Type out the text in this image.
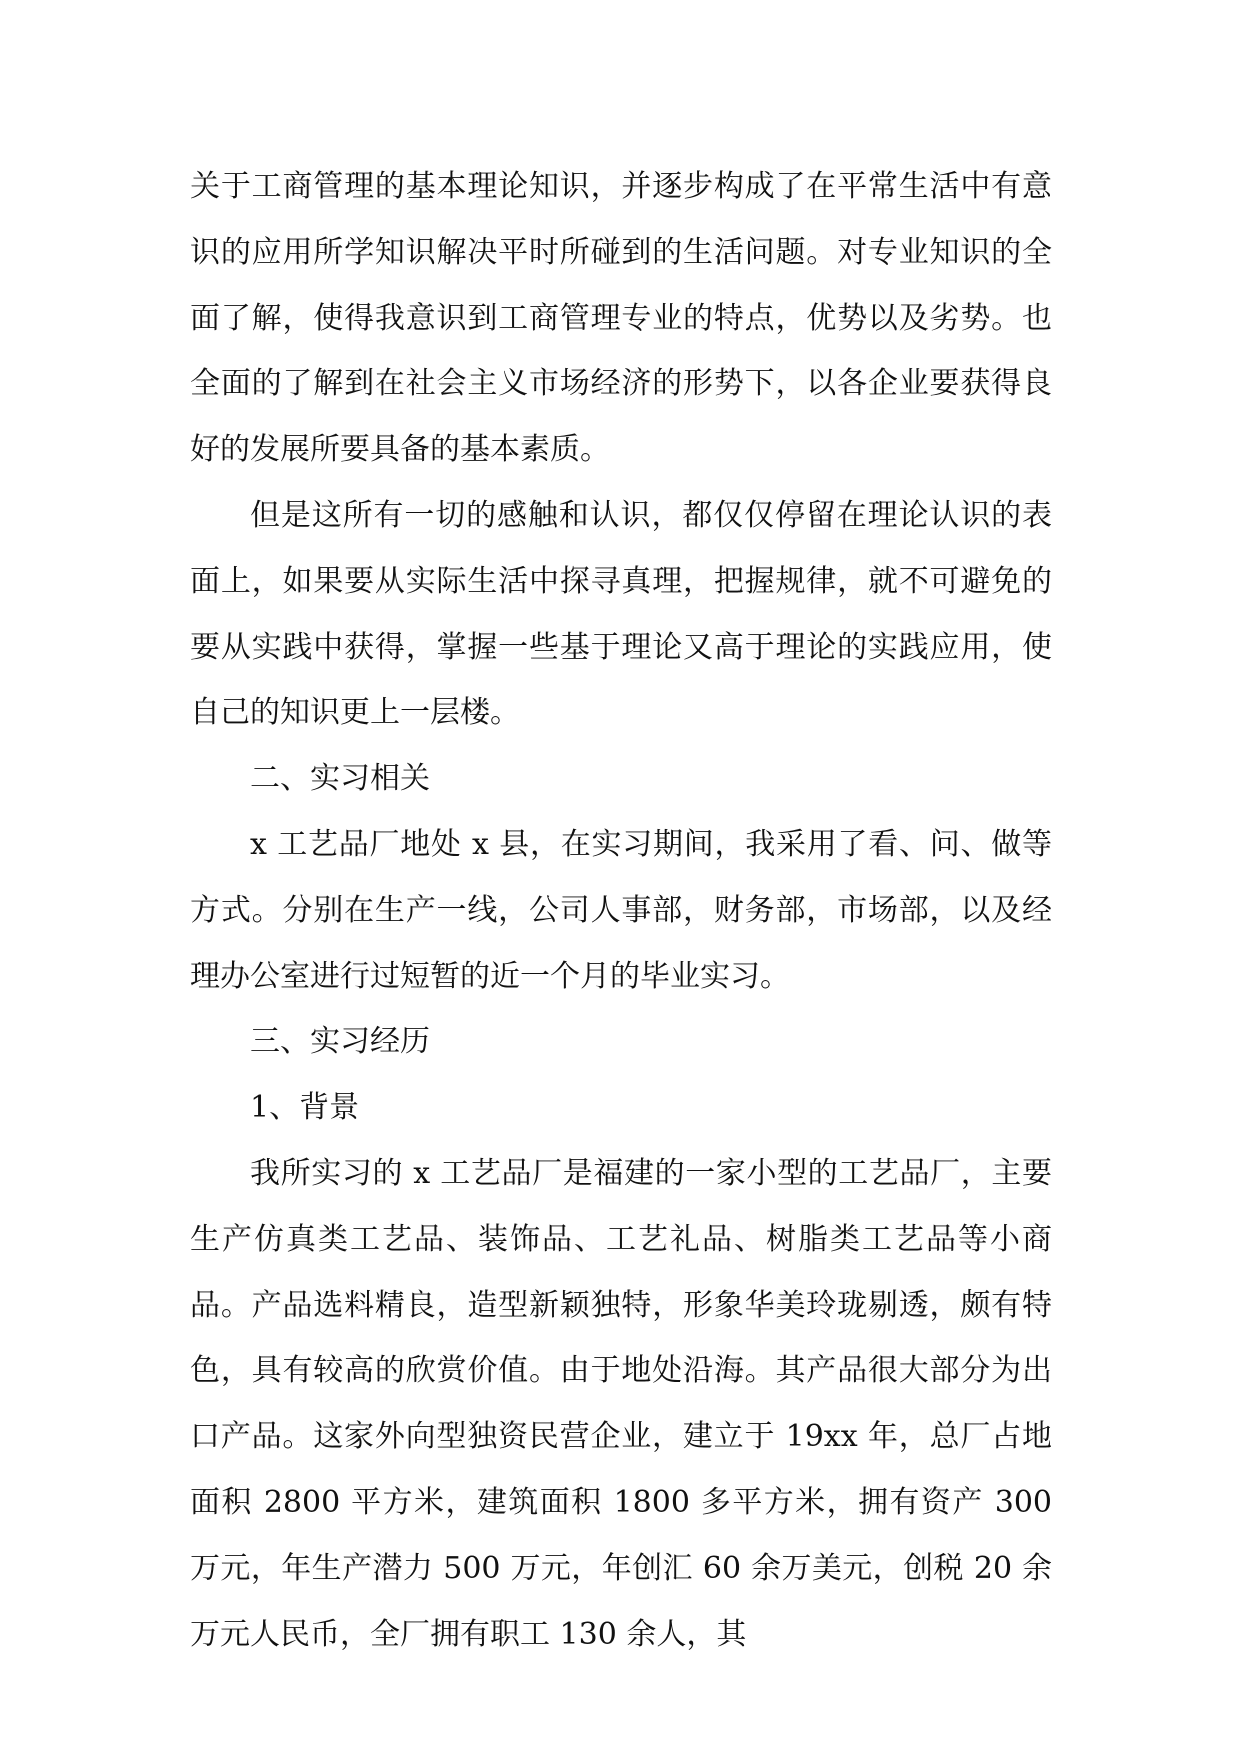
关于工商管理的基本理论知识，并逐步构成了在平常生活中有意识的应用所学知识解决平时所碰到的生活问题。对专业知识的全面了解，使得我意识到工商管理专业的特点，优势以及劣势。也全面的了解到在社会主义市场经济的形势下，以各企业要获得良好的发展所要具备的基本素质。

但是这所有一切的感触和认识，都仅仅停留在理论认识的表面上，如果要从实际生活中探寻真理，把握规律，就不可避免的要从实践中获得，掌握一些基于理论又高于理论的实践应用，使自己的知识更上一层楼。

二、实习相关

x 工艺品厂地处 x 县，在实习期间，我采用了看、问、做等方式。分别在生产一线，公司人事部，财务部，市场部，以及经理办公室进行过短暂的近一个月的毕业实习。

三、实习经历

1、背景

我所实习的 x 工艺品厂是福建的一家小型的工艺品厂，主要生产仿真类工艺品、装饰品、工艺礼品、树脂类工艺品等小商品。产品选料精良，造型新颖独特，形象华美玲珑剔透，颇有特色，具有较高的欣赏价值。由于地处沿海。其产品很大部分为出口产品。这家外向型独资民营企业，建立于 19xx 年，总厂占地面积 2800 平方米，建筑面积 1800 多平方米，拥有资产 300 万元，年生产潜力 500 万元，年创汇 60 余万美元，创税 20 余万元人民币，全厂拥有职工 130 余人，其
